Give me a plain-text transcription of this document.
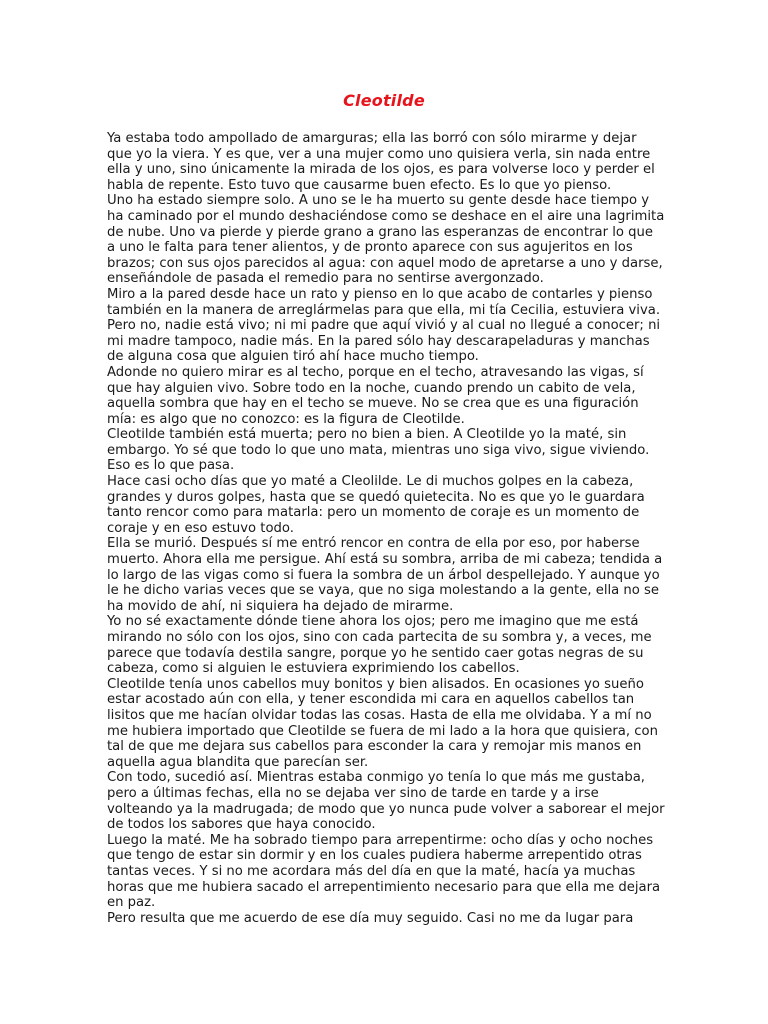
Cleotilde

Ya estaba todo ampollado de amarguras; ella las borró con sólo mirarme y dejar que yo la viera. Y es que, ver a una mujer como uno quisiera verla, sin nada entre ella y uno, sino únicamente la mirada de los ojos, es para volverse loco y perder el habla de repente. Esto tuvo que causarme buen efecto. Es lo que yo pienso.

Uno ha estado siempre solo. A uno se le ha muerto su gente desde hace tiempo y ha caminado por el mundo deshaciéndose como se deshace en el aire una lagrimita de nube. Uno va pierde y pierde grano a grano las esperanzas de encontrar lo que a uno le falta para tener alientos, y de pronto aparece con sus agujeritos en los brazos; con sus ojos parecidos al agua: con aquel modo de apretarse a uno y darse, enseñándole de pasada el remedio para no sentirse avergonzado.

Miro a la pared desde hace un rato y pienso en lo que acabo de contarles y pienso también en la manera de arreglármelas para que ella, mi tía Cecilia, estuviera viva. Pero no, nadie está vivo; ni mi padre que aquí vivió y al cual no llegué a conocer; ni mi madre tampoco, nadie más. En la pared sólo hay descarapeladuras y manchas de alguna cosa que alguien tiró ahí hace mucho tiempo.

Adonde no quiero mirar es al techo, porque en el techo, atravesando las vigas, sí que hay alguien vivo. Sobre todo en la noche, cuando prendo un cabito de vela, aquella sombra que hay en el techo se mueve. No se crea que es una figuración mía: es algo que no conozco: es la figura de Cleotilde.

Cleotilde también está muerta; pero no bien a bien. A Cleotilde yo la maté, sin embargo. Yo sé que todo lo que uno mata, mientras uno siga vivo, sigue viviendo. Eso es lo que pasa.

Hace casi ocho días que yo maté a Cleolilde. Le di muchos golpes en la cabeza, grandes y duros golpes, hasta que se quedó quietecita. No es que yo le guardara tanto rencor como para matarla: pero un momento de coraje es un momento de coraje y en eso estuvo todo.

Ella se murió. Después sí me entró rencor en contra de ella por eso, por haberse muerto. Ahora ella me persigue. Ahí está su sombra, arriba de mi cabeza; tendida a lo largo de las vigas como si fuera la sombra de un árbol despellejado. Y aunque yo le he dicho varias veces que se vaya, que no siga molestando a la gente, ella no se ha movido de ahí, ni siquiera ha dejado de mirarme.

Yo no sé exactamente dónde tiene ahora los ojos; pero me imagino que me está mirando no sólo con los ojos, sino con cada partecita de su sombra y, a veces, me parece que todavía destila sangre, porque yo he sentido caer gotas negras de su cabeza, como si alguien le estuviera exprimiendo los cabellos.

Cleotilde tenía unos cabellos muy bonitos y bien alisados. En ocasiones yo sueño estar acostado aún con ella, y tener escondida mi cara en aquellos cabellos tan lisitos que me hacían olvidar todas las cosas. Hasta de ella me olvidaba. Y a mí no me hubiera importado que Cleotilde se fuera de mi lado a la hora que quisiera, con tal de que me dejara sus cabellos para esconder la cara y remojar mis manos en aquella agua blandita que parecían ser.

Con todo, sucedió así. Mientras estaba conmigo yo tenía lo que más me gustaba, pero a últimas fechas, ella no se dejaba ver sino de tarde en tarde y a irse volteando ya la madrugada; de modo que yo nunca pude volver a saborear el mejor de todos los sabores que haya conocido.

Luego la maté. Me ha sobrado tiempo para arrepentirme: ocho días y ocho noches que tengo de estar sin dormir y en los cuales pudiera haberme arrepentido otras tantas veces. Y si no me acordara más del día en que la maté, hacía ya muchas horas que me hubiera sacado el arrepentimiento necesario para que ella me dejara en paz.

Pero resulta que me acuerdo de ese día muy seguido. Casi no me da lugar para
